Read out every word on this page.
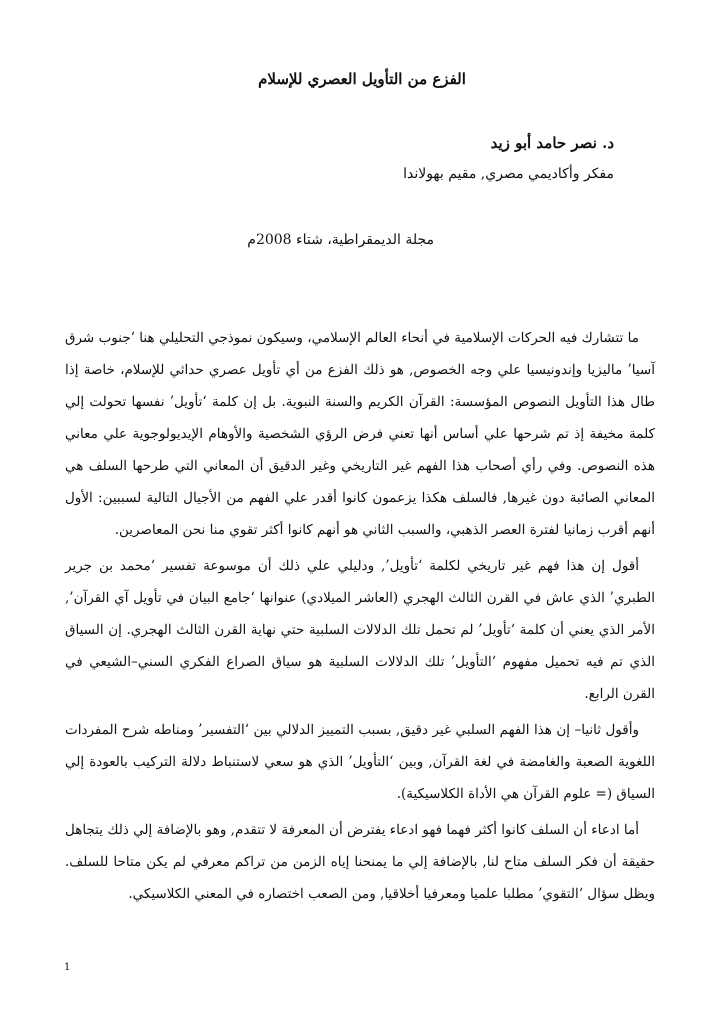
الفزع من التأويل العصري للإسلام
د. نصر حامد أبو زيد
مفكر وأكاديمي مصري, مقيم بهولاندا
مجلة الديمقراطية، شتاء 2008م

ما تتشارك فيه الحركات الإسلامية في أنحاء العالم الإسلامي، وسيكون نموذجي التحليلي هنا ‘جنوب شرق آسيا’ ماليزيا وإندونيسيا علي وجه الخصوص, هو ذلك الفزع من أي تأويل عصري حداثي للإسلام، خاصة إذا طال هذا التأويل النصوص المؤسسة: القرآن الكريم والسنة النبوية. بل إن كلمة ‘تأويل’ نفسها تحولت إلي كلمة مخيفة إذ تم شرحها علي أساس أنها تعني فرض الرؤي الشخصية والأوهام الإيديولوجوية علي معاني هذه النصوص. وفي رأي أصحاب هذا الفهم غير التاريخي وغير الدقيق أن المعاني التي طرحها السلف هي المعاني الصائبة دون غيرها, فالسلف هكذا يزعمون كانوا أقدر علي الفهم من الأجيال التالية لسببين: الأول أنهم أقرب زمانيا لفترة العصر الذهبي، والسبب الثاني هو أنهم كانوا أكثر تقوي منا نحن المعاصرين.

أقول إن هذا فهم غير تاريخي لكلمة ‘تأويل’, ودليلي علي ذلك أن موسوعة تفسير ‘محمد بن جرير الطبري’ الذي عاش في القرن الثالث الهجري (العاشر الميلادي) عنوانها ‘جامع البيان في تأويل آي القرآن’, الأمر الذي يعني أن كلمة ‘تأويل’ لم تحمل تلك الدلالات السلبية حتي نهاية القرن الثالث الهجري. إن السياق الذي تم فيه تحميل مفهوم ‘التأويل’ تلك الدلالات السلبية هو سياق الصراع الفكري السني–الشيعي في القرن الرابع.

وأقول ثانيا– إن هذا الفهم السلبي غير دقيق, بسبب التمييز الدلالي بين ‘التفسير’ ومناطه شرح المفردات اللغوية الصعبة والغامضة في لغة القرآن, وبين ‘التأويل’ الذي هو سعي لاستنباط دلالة التركيب بالعودة إلي السياق (= علوم القرآن هي الأداة الكلاسيكية).

أما ادعاء أن السلف كانوا أكثر فهما فهو ادعاء يفترض أن المعرفة لا تتقدم, وهو بالإضافة إلي ذلك يتجاهل حقيقة أن فكر السلف متاح لنا, بالإضافة إلي ما يمنحنا إياه الزمن من تراكم معرفي لم يكن متاحا للسلف. ويظل سؤال ‘التقوي’ مطلبا علميا ومعرفيا أخلاقيا, ومن الصعب اختصاره في المعني الكلاسيكي.

1
